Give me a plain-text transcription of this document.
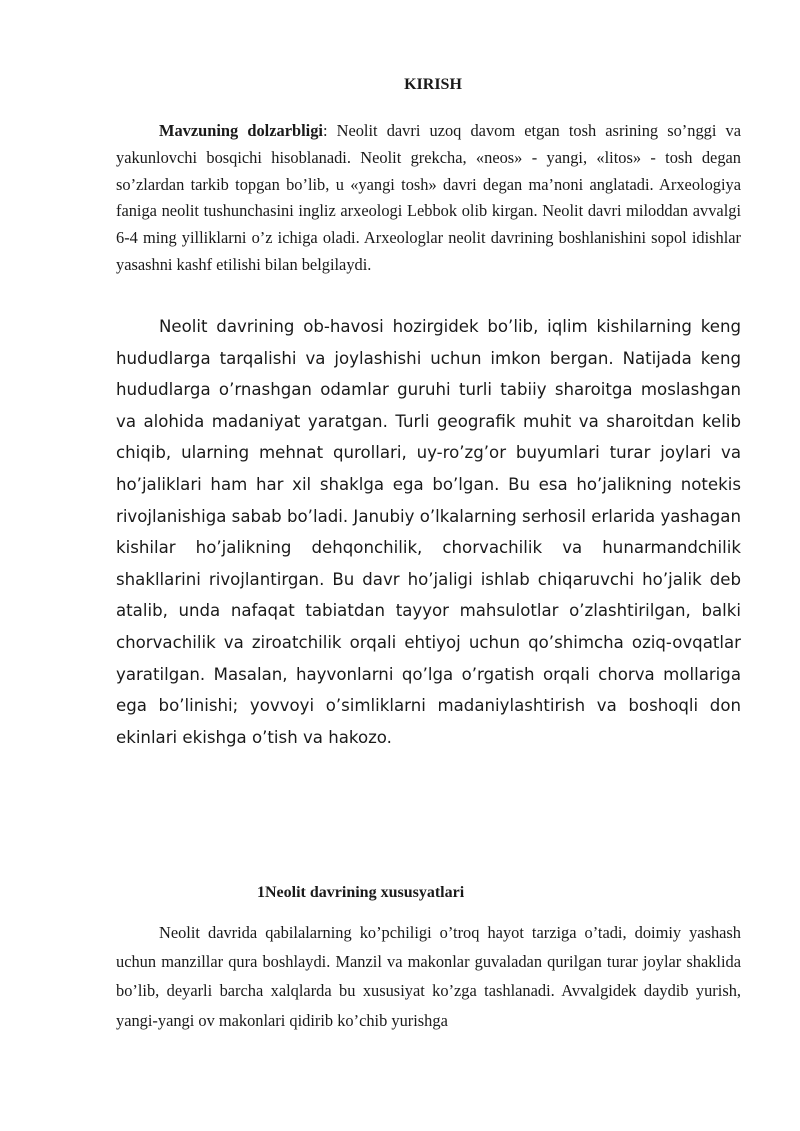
KIRISH

Mavzuning dolzarbligi: Neolit davri uzoq davom etgan tosh asrining so’nggi va yakunlovchi bosqichi hisoblanadi. Neolit grekcha, «neos» - yangi, «litos» - tosh degan so’zlardan tarkib topgan bo’lib, u «yangi tosh» davri degan ma’noni anglatadi. Arxeologiya faniga neolit tushunchasini ingliz arxeologi Lebbok olib kirgan. Neolit davri miloddan avvalgi 6-4 ming yilliklarni o’z ichiga oladi. Arxeologlar neolit davrining boshlanishini sopol idishlar yasashni kashf etilishi bilan belgilaydi.

Neolit davrining ob-havosi hozirgidek bo’lib, iqlim kishilarning keng hududlarga tarqalishi va joylashishi uchun imkon bergan. Natijada keng hududlarga o’rnashgan odamlar guruhi turli tabiiy sharoitga moslashgan va alohida madaniyat yaratgan. Turli geografik muhit va sharoitdan kelib chiqib, ularning mehnat qurollari, uy-ro’zg’or buyumlari turar joylari va ho’jaliklari ham har xil shaklga ega bo’lgan. Bu esa ho’jalikning notekis rivojlanishiga sabab bo’ladi. Janubiy o’lkalarning serhosil erlarida yashagan kishilar ho’jalikning dehqonchilik, chorvachilik va hunarmandchilik shakllarini rivojlantirgan. Bu davr ho’jaligi ishlab chiqaruvchi ho’jalik deb atalib, unda nafaqat tabiatdan tayyor mahsulotlar o’zlashtirilgan, balki chorvachilik va ziroatchilik orqali ehtiyoj uchun qo’shimcha oziq-ovqatlar yaratilgan. Masalan, hayvonlarni qo’lga o’rgatish orqali chorva mollariga ega bo’linishi; yovvoyi o’simliklarni madaniylashtirish va boshoqli don ekinlari ekishga o’tish va hakozo.

1Neolit davrining xususyatlari

Neolit davrida qabilalarning ko’pchiligi o’troq hayot tarziga o’tadi, doimiy yashash uchun manzillar qura boshlaydi. Manzil va makonlar guvaladan qurilgan turar joylar shaklida bo’lib, deyarli barcha xalqlarda bu xususiyat ko’zga tashlanadi. Avvalgidek daydib yurish, yangi-yangi ov makonlari qidirib ko’chib yurishga
